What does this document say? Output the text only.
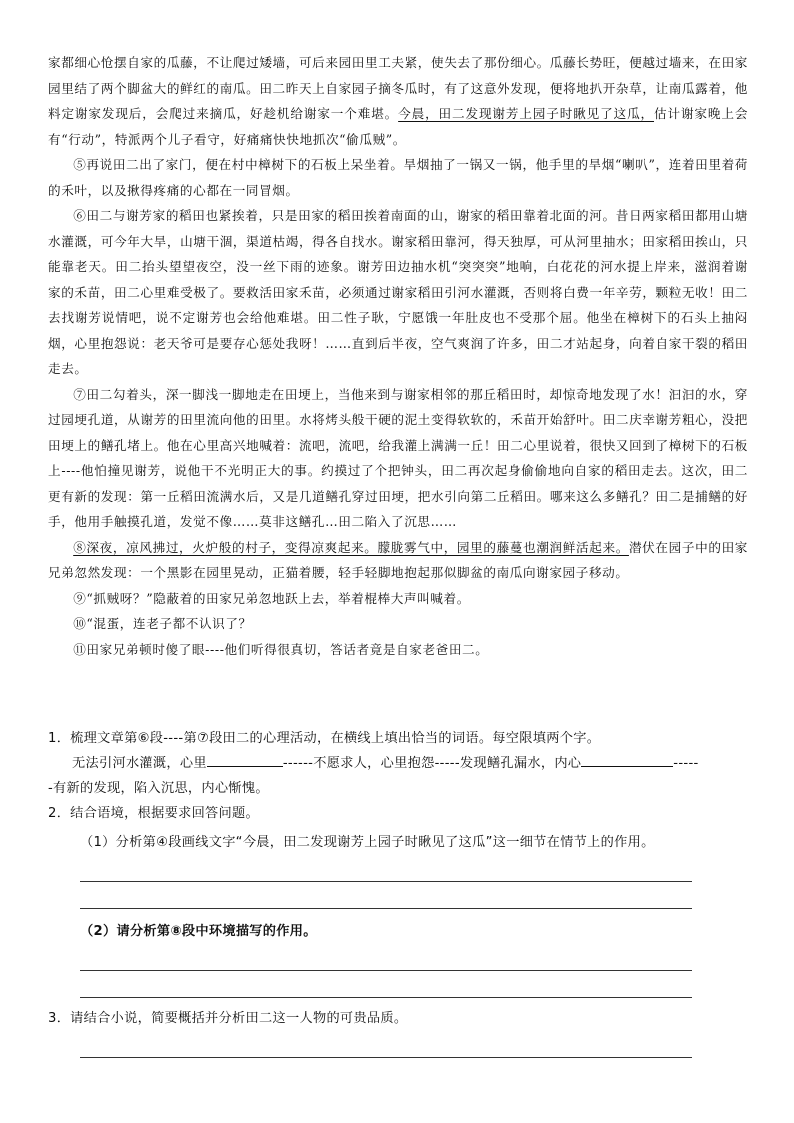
家都细心怆摆自家的瓜藤，不让爬过矮墙，可后来园田里工夫紧，使失去了那份细心。瓜藤长势旺，便越过墙来，在田家园里结了两个脚盆大的鲜红的南瓜。田二昨天上自家园子摘冬瓜时，有了这意外发现，便将地扒开杂草，让南瓜露着，他料定谢家发现后，会爬过来摘瓜，好趁机给谢家一个难堪。今晨，田二发现谢芳上园子时瞅见了这瓜，估计谢家晚上会有“行动”，特派两个儿子看守，好痛痛快快地抓次“偷瓜贼”。

⑤再说田二出了家门，便在村中樟树下的石板上呆坐着。旱烟抽了一锅又一锅，他手里的旱烟“喇叭”，连着田里着荷的禾叶，以及揪得疼痛的心都在一同冒烟。

⑥田二与谢芳家的稻田也紧挨着，只是田家的稻田挨着南面的山，谢家的稻田靠着北面的河。昔日两家稻田都用山塘水灌溉，可今年大旱，山塘干涸，渠道枯竭，得各自找水。谢家稻田靠河，得天独厚，可从河里抽水；田家稻田挨山，只能靠老天。田二抬头望望夜空，没一丝下雨的迹象。谢芳田边抽水机“突突突”地响，白花花的河水提上岸来，滋润着谢家的禾苗，田二心里难受极了。要救活田家禾苗，必须通过谢家稻田引河水灌溉，否则将白费一年辛劳，颗粒无收！田二去找谢芳说情吧，说不定谢芳也会给他难堪。田二性子耿，宁愿饿一年肚皮也不受那个屈。他坐在樟树下的石头上抽闷烟，心里抱怨说：老天爷可是要存心惩处我呀！……直到后半夜，空气爽润了许多，田二才站起身，向着自家干裂的稻田走去。

⑦田二勾着头，深一脚浅一脚地走在田埂上，当他来到与谢家相邻的那丘稻田时，却惊奇地发现了水！汩汩的水，穿过园埂孔道，从谢芳的田里流向他的田里。水将烤头般干硬的泥土变得软软的，禾苗开始舒叶。田二庆幸谢芳粗心，没把田埂上的鳝孔堵上。他在心里高兴地喊着：流吧，流吧，给我灌上满满一丘！田二心里说着，很快又回到了樟树下的石板上----他怕撞见谢芳，说他干不光明正大的事。约摸过了个把钟头，田二再次起身偷偷地向自家的稻田走去。这次，田二更有新的发现：第一丘稻田流满水后，又是几道鳝孔穿过田埂，把水引向第二丘稻田。哪来这么多鳝孔？田二是捕鳝的好手，他用手触摸孔道，发觉不像……莫非这鳝孔…田二陷入了沉思……

⑧深夜，凉风拂过，火炉般的村子，变得凉爽起来。朦胧雾气中，园里的藤蔓也潮润鲜活起来。潜伏在园子中的田家兄弟忽然发现：一个黑影在园里晃动，正猫着腰，轻手轻脚地抱起那似脚盆的南瓜向谢家园子移动。

⑨“抓贼呀？”隐蔽着的田家兄弟忽地跃上去，举着棍棒大声叫喊着。

⑩“混蛋，连老子都不认识了？

⑪田家兄弟顿时傻了眼----他们听得很真切，答话者竟是自家老爸田二。

1．梳理文章第⑥段----第⑦段田二的心理活动，在横线上填出恰当的词语。每空限填两个字。

无法引河水灌溉，心里	------不愿求人，心里抱怨-----发现鳝孔漏水，内心	-----

-有新的发现，陷入沉思，内心惭愧。

2．结合语境，根据要求回答问题。

（1）分析第④段画线文字“今晨，田二发现谢芳上园子时瞅见了这瓜”这一细节在情节上的作用。

（2）请分析第⑧段中环境描写的作用。

3．请结合小说，简要概括并分析田二这一人物的可贵品质。
